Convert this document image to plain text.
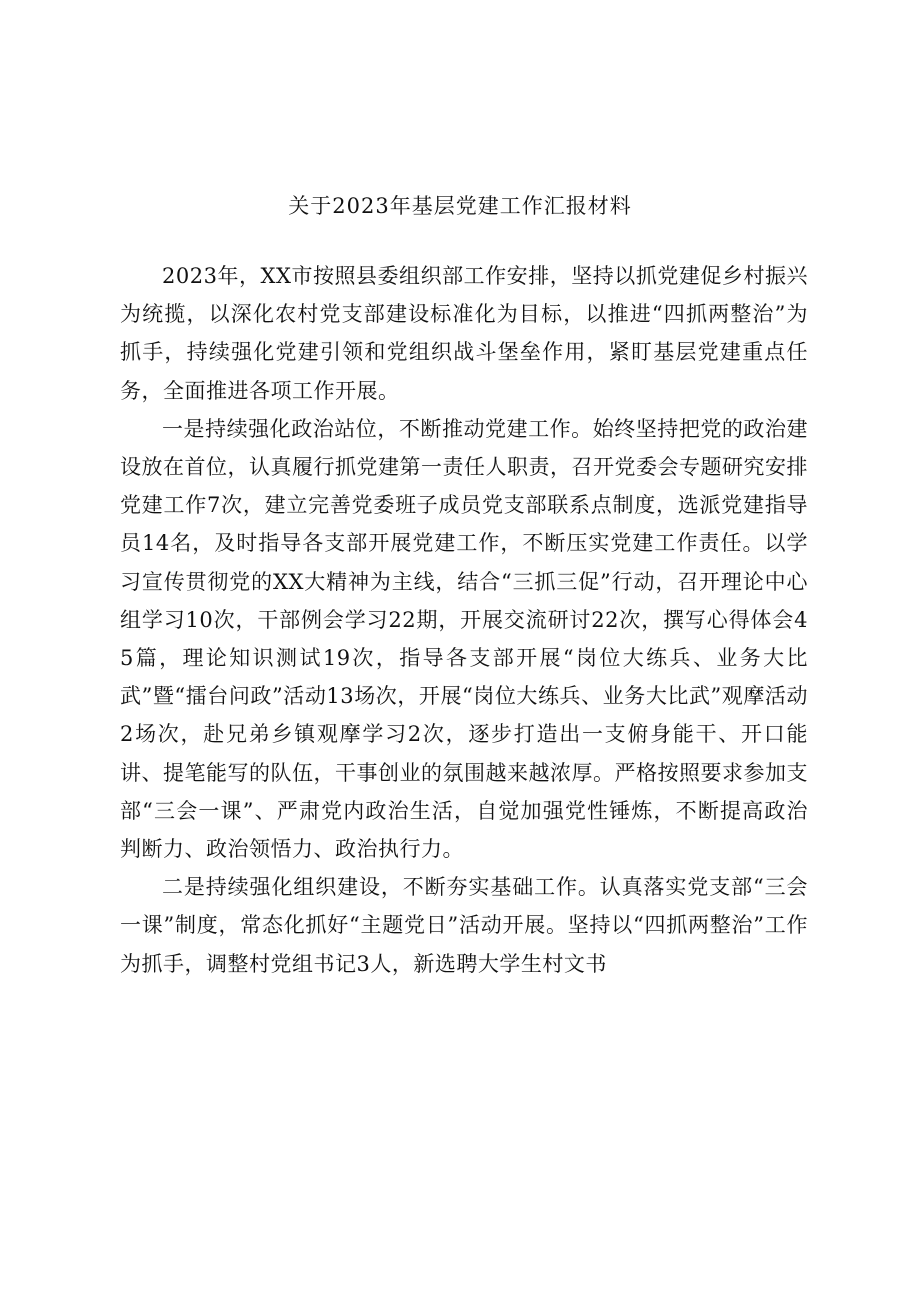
关于2023年基层党建工作汇报材料

2023年，XX市按照县委组织部工作安排，坚持以抓党建促乡村振兴为统揽，以深化农村党支部建设标准化为目标，以推进“四抓两整治”为抓手，持续强化党建引领和党组织战斗堡垒作用，紧盯基层党建重点任务，全面推进各项工作开展。

一是持续强化政治站位，不断推动党建工作。始终坚持把党的政治建设放在首位，认真履行抓党建第一责任人职责，召开党委会专题研究安排党建工作7次，建立完善党委班子成员党支部联系点制度，选派党建指导员14名，及时指导各支部开展党建工作，不断压实党建工作责任。以学习宣传贯彻党的XX大精神为主线，结合“三抓三促”行动，召开理论中心组学习10次，干部例会学习22期，开展交流研讨22次，撰写心得体会45篇，理论知识测试19次，指导各支部开展“岗位大练兵、业务大比武”暨“擂台问政”活动13场次，开展“岗位大练兵、业务大比武”观摩活动2场次，赴兄弟乡镇观摩学习2次，逐步打造出一支俯身能干、开口能讲、提笔能写的队伍，干事创业的氛围越来越浓厚。严格按照要求参加支部“三会一课”、严肃党内政治生活，自觉加强党性锤炼，不断提高政治判断力、政治领悟力、政治执行力。

二是持续强化组织建设，不断夯实基础工作。认真落实党支部“三会一课”制度，常态化抓好“主题党日”活动开展。坚持以“四抓两整治”工作为抓手，调整村党组书记3人，新选聘大学生村文书
